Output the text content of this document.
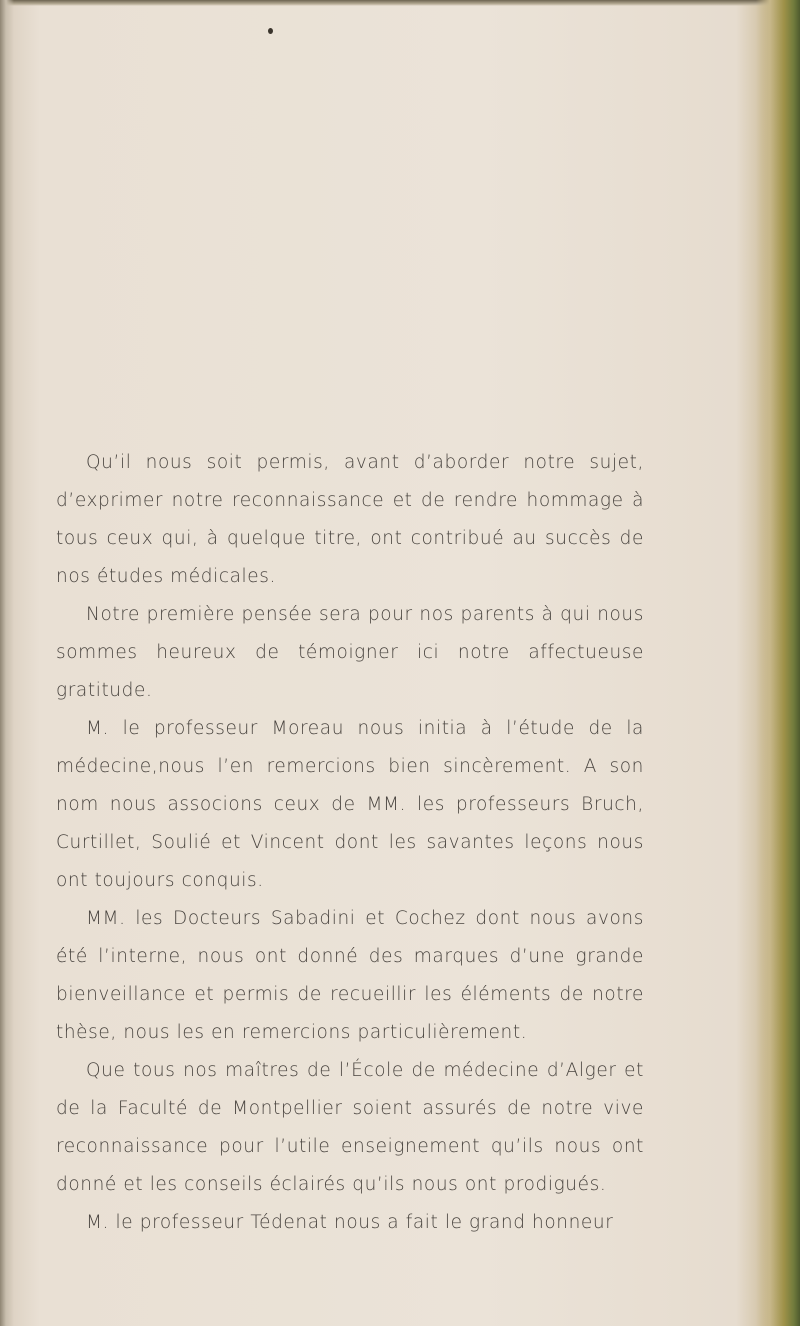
Qu’il nous soit permis, avant d’aborder notre sujet, d’exprimer notre reconnaissance et de rendre hommage à tous ceux qui, à quelque titre, ont contribué au succès de nos études médicales.

Notre première pensée sera pour nos parents à qui nous sommes heureux de témoigner ici notre affectueuse gratitude.

M. le professeur Moreau nous initia à l’étude de la médecine,nous l’en remercions bien sincèrement. A son nom nous associons ceux de MM. les professeurs Bruch, Curtillet, Soulié et Vincent dont les savantes leçons nous ont toujours conquis.

MM. les Docteurs Sabadini et Cochez dont nous avons été l’interne, nous ont donné des marques d’une grande bienveillance et permis de recueillir les éléments de notre thèse, nous les en remercions particulièrement.

Que tous nos maîtres de l’École de médecine d’Alger et de la Faculté de Montpellier soient assurés de notre vive reconnaissance pour l’utile enseignement qu’ils nous ont donné et les conseils éclairés qu’ils nous ont prodigués.

M. le professeur Tédenat nous a fait le grand honneur
